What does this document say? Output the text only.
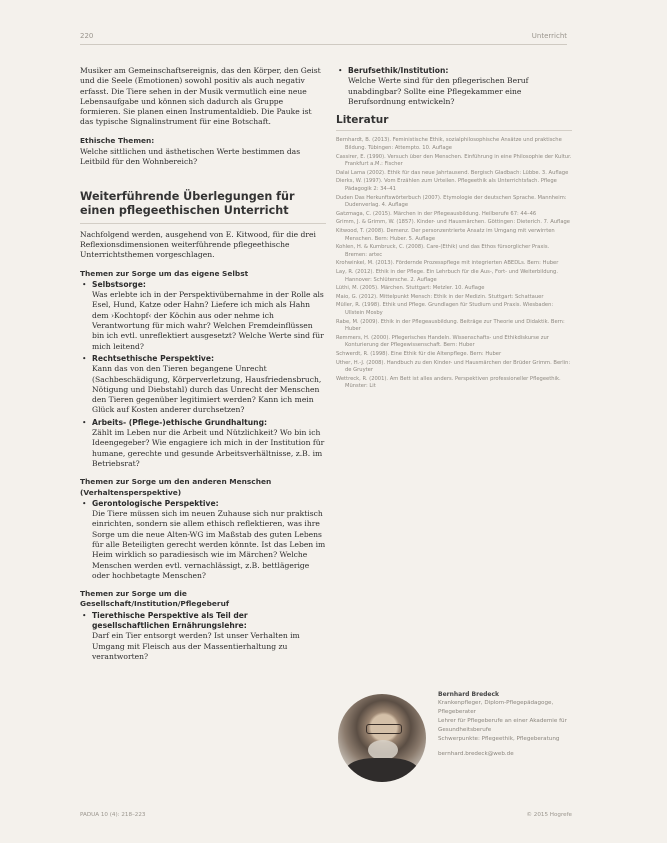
220	Unterricht

Musiker am Gemeinschaftsereignis, das den Körper, den Geist und die Seele (Emotionen) sowohl positiv als auch negativ erfasst. Die Tiere sehen in der Musik vermutlich eine neue Lebensaufgabe und können sich dadurch als Gruppe formieren. Sie planen einen Instrumentaldieb. Die Pauke ist das typische Signalinstrument für eine Botschaft.

Ethische Themen:

Welche sittlichen und ästhetischen Werte bestimmen das Leitbild für den Wohnbereich?

Weiterführende Überlegungen für einen pflegeethischen Unterricht

Nachfolgend werden, ausgehend von E. Kitwood, für die drei Reflexionsdimensionen weiterführende pflegeethische Unterrichtsthemen vorgeschlagen.

Themen zur Sorge um das eigene Selbst
• Selbstsorge:
Was erlebte ich in der Perspektivübernahme in der Rolle als Esel, Hund, Katze oder Hahn? Liefere ich mich als Hahn dem ›Kochtopf‹ der Köchin aus oder nehme ich Verantwortung für mich wahr? Welchen Fremdeinflüssen bin ich evtl. unreflektiert ausgesetzt? Welche Werte sind für mich leitend?
• Rechtsethische Perspektive:
Kann das von den Tieren begangene Unrecht (Sachbeschädigung, Körperverletzung, Hausfriedensbruch, Nötigung und Diebstahl) durch das Unrecht der Menschen den Tieren gegenüber legitimiert werden? Kann ich mein Glück auf Kosten anderer durchsetzen?
• Arbeits- (Pflege-)ethische Grundhaltung:
Zählt im Leben nur die Arbeit und Nützlichkeit? Wo bin ich Ideengegeber? Wie engagiere ich mich in der Institution für humane, gerechte und gesunde Arbeitsverhältnisse, z.B. im Betriebsrat?
Themen zur Sorge um den anderen Menschen (Verhaltensperspektive)
• Gerontologische Perspektive:
Die Tiere müssen sich im neuen Zuhause sich nur praktisch einrichten, sondern sie allem ethisch reflektieren, was ihre Sorge um die neue Alten-WG im Maßstab des guten Lebens für alle Beteiligten gerecht werden könnte. Ist das Leben im Heim wirklich so paradiesisch wie im Märchen? Welche Menschen werden evtl. vernachlässigt, z.B. bettlägerige oder hochbetagte Menschen?
Themen zur Sorge um die Gesellschaft/Institution/Pflegeberuf
• Tierethische Perspektive als Teil der gesellschaftlichen Ernährungslehre:
Darf ein Tier entsorgt werden? Ist unser Verhalten im Umgang mit Fleisch aus der Massentierhaltung zu verantworten?
• Berufsethik/Institution:
Welche Werte sind für den pflegerischen Beruf unabdingbar? Sollte eine Pflegekammer eine Berufsordnung entwickeln?
Literatur

Bernhardt, B. (2013). Feministische Ethik, sozialphilosophische Ansätze und praktische Bildung. Tübingen: Attempto. 10. Auflage

Cassirer, E. (1990). Versuch über den Menschen. Einführung in eine Philosophie der Kultur. Frankfurt a.M.: Fischer

Dalai Lama (2002). Ethik für das neue Jahrtausend. Bergisch Gladbach: Lübbe. 3. Auflage

Dierks, W. (1997). Vom Erzählen zum Urteilen. Pflegeethik als Unterrichtsfach. Pflege Pädagogik 2: 34–41

Duden Das Herkunftswörterbuch (2007). Etymologie der deutschen Sprache. Mannheim: Dudenverlag. 4. Auflage

Gatzmaga, C. (2015). Märchen in der Pflegeausbildung. Heilberufe 67: 44–46

Grimm, J. & Grimm, W. (1857). Kinder- und Hausmärchen. Göttingen: Dieterich. 7. Auflage

Kitwood, T. (2008). Demenz. Der personzentrierte Ansatz im Umgang mit verwirrten Menschen. Bern: Huber. 5. Auflage

Kohlen, H. & Kumbruck, C. (2008). Care-(Ethik) und das Ethos fürsorglicher Praxis. Bremen: artec

Krohwinkel, M. (2013). Fördernde Prozesspflege mit integrierten ABEDLs. Bern: Huber

Lay, R. (2012). Ethik in der Pflege. Ein Lehrbuch für die Aus-, Fort- und Weiterbildung. Hannover: Schlütersche. 2. Auflage

Lüthi, M. (2005). Märchen. Stuttgart: Metzler. 10. Auflage

Maio, G. (2012). Mittelpunkt Mensch: Ethik in der Medizin. Stuttgart: Schattauer

Müller, R. (1998). Ethik und Pflege. Grundlagen für Studium und Praxis. Wiesbaden: Ullstein Mosby

Rabe, M. (2009). Ethik in der Pflegeausbildung. Beiträge zur Theorie und Didaktik. Bern: Huber

Remmers, H. (2000). Pflegerisches Handeln. Wissenschafts- und Ethikdiskurse zur Konturierung der Pflegewissenschaft. Bern: Huber

Schwerdt, R. (1998). Eine Ethik für die Altenpflege. Bern: Huber

Uther, H.-J. (2008). Handbuch zu den Kinder- und Hausmärchen der Brüder Grimm. Berlin: de Gruyter

Wettreck, R. (2001). Am Bett ist alles anders. Perspektiven professioneller Pflegeethik. Münster: Lit

Bernhard Bredeck
Krankenpfleger, Diplom-Pflegepädagoge, Pflegeberater
Lehrer für Pflegeberufe an einer Akademie für Gesundheitsberufe
Schwerpunkte: Pflegeethik, Pflegeberatung
bernhard.bredeck@web.de
PADUA 10 (4): 218–223	© 2015 Hogrefe
